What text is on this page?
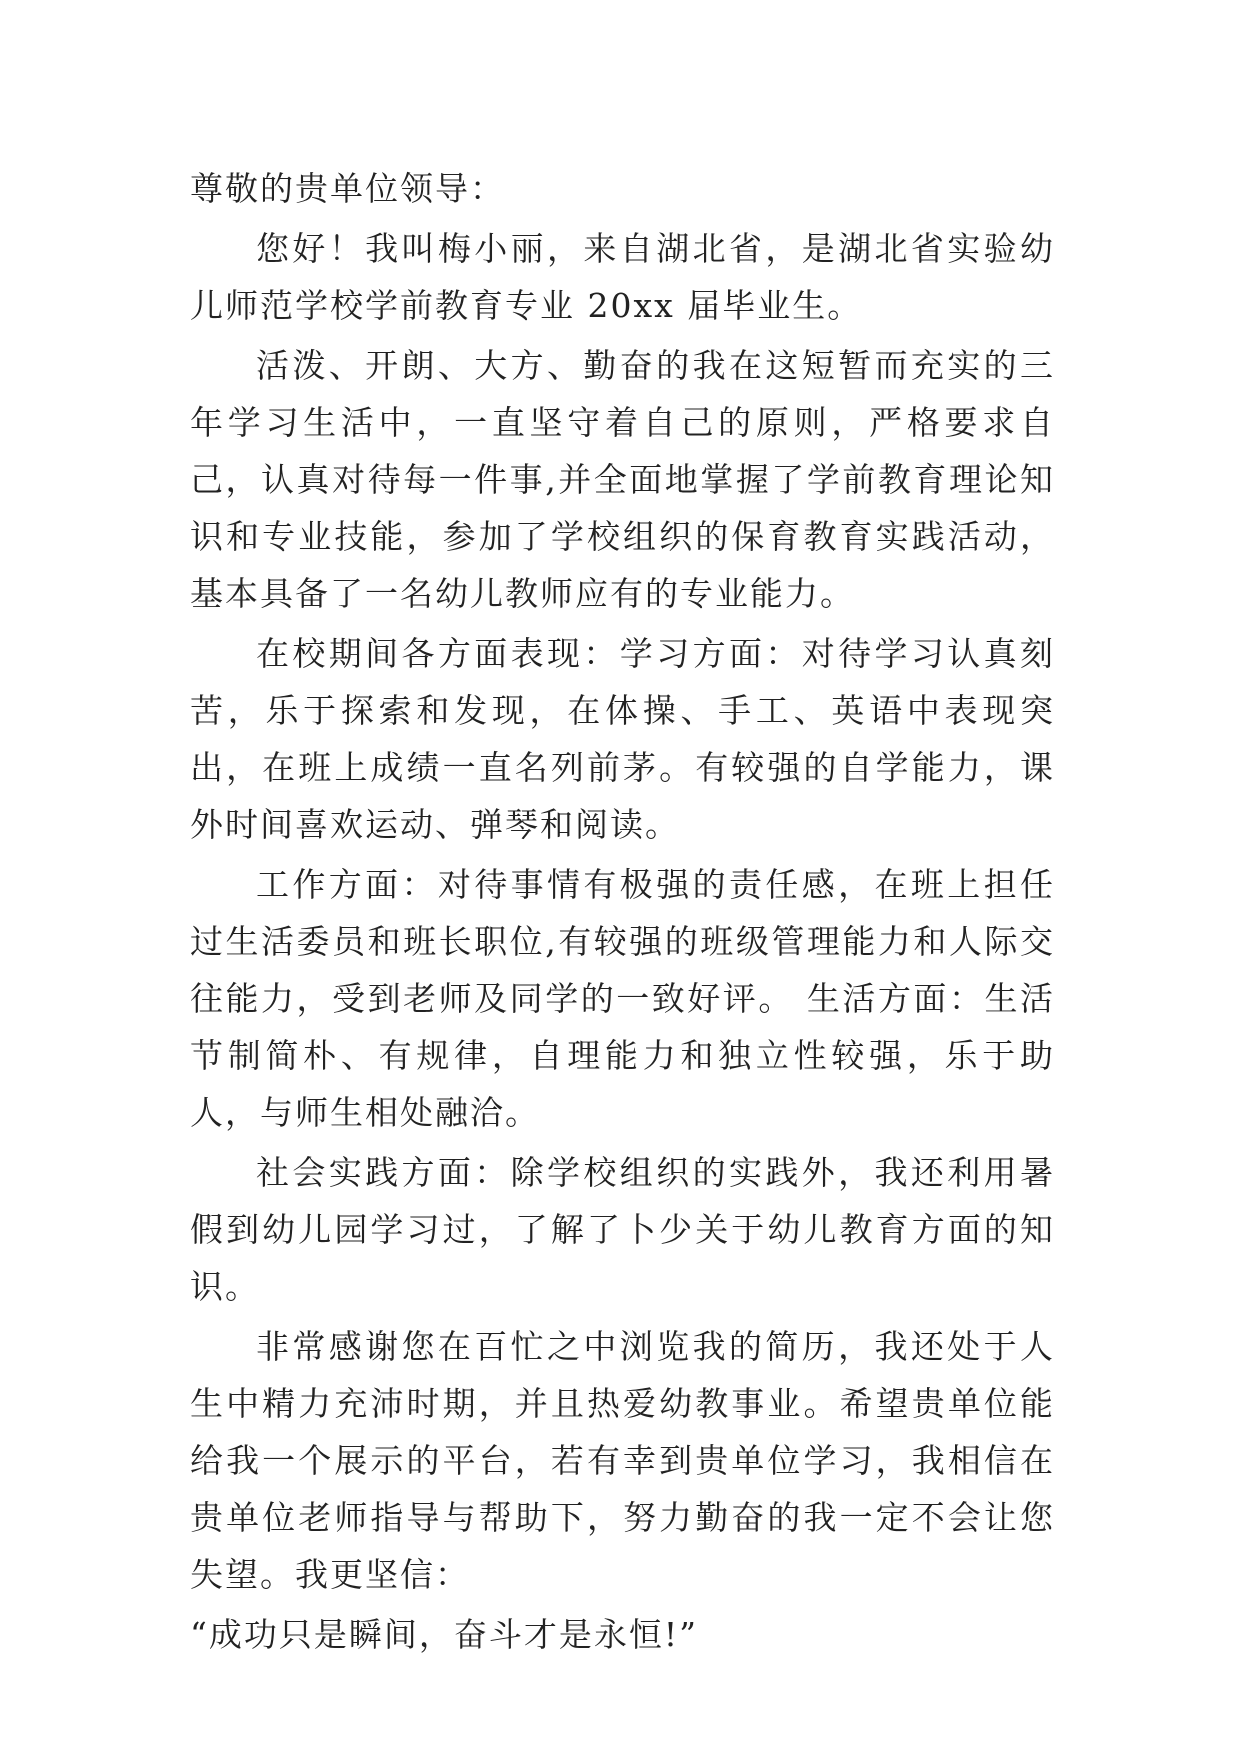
尊敬的贵单位领导：

您好！我叫梅小丽，来自湖北省，是湖北省实验幼儿师范学校学前教育专业 20xx 届毕业生。

活泼、开朗、大方、勤奋的我在这短暂而充实的三年学习生活中，一直坚守着自己的原则，严格要求自己，认真对待每一件事,并全面地掌握了学前教育理论知识和专业技能，参加了学校组织的保育教育实践活动，基本具备了一名幼儿教师应有的专业能力。

在校期间各方面表现：学习方面：对待学习认真刻苦，乐于探索和发现，在体操、手工、英语中表现突出，在班上成绩一直名列前茅。有较强的自学能力，课外时间喜欢运动、弹琴和阅读。

工作方面：对待事情有极强的责任感，在班上担任过生活委员和班长职位,有较强的班级管理能力和人际交往能力，受到老师及同学的一致好评。 生活方面：生活节制简朴、有规律，自理能力和独立性较强，乐于助人，与师生相处融洽。

社会实践方面：除学校组织的实践外，我还利用暑假到幼儿园学习过，了解了卜少关于幼儿教育方面的知识。

非常感谢您在百忙之中浏览我的简历，我还处于人生中精力充沛时期，并且热爱幼教事业。希望贵单位能给我一个展示的平台，若有幸到贵单位学习，我相信在贵单位老师指导与帮助下，努力勤奋的我一定不会让您失望。我更坚信：

“成功只是瞬间，奋斗才是永恒!”
